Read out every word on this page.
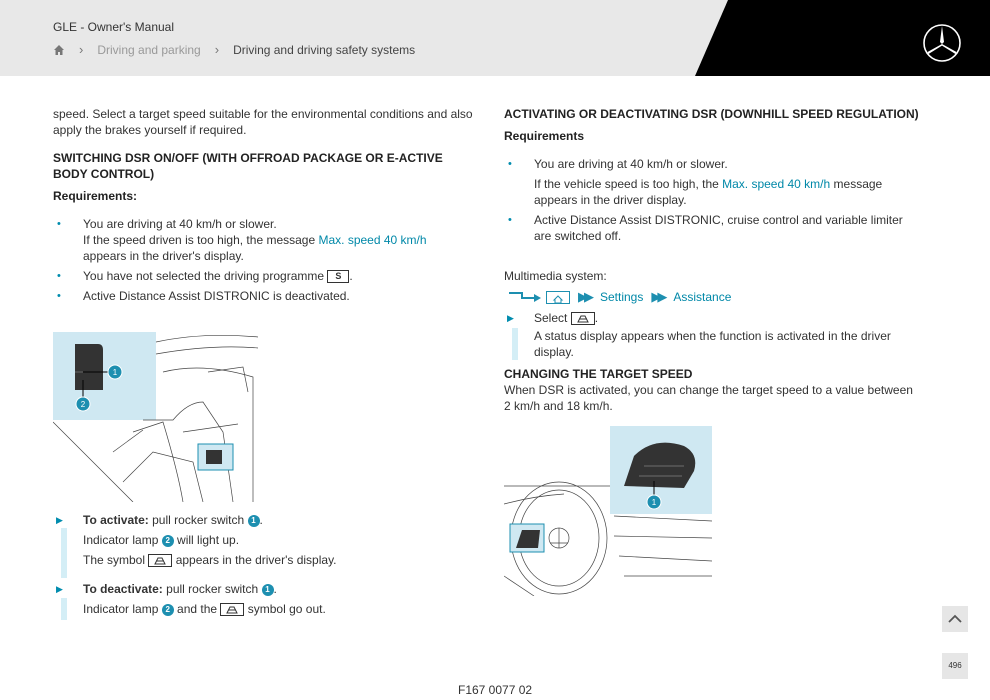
GLE - Owner's Manual
› Driving and parking › Driving and driving safety systems

speed. Select a target speed suitable for the environmental conditions and also apply the brakes yourself if required.

SWITCHING DSR ON/OFF (WITH OFFROAD PACKAGE OR E-ACTIVE BODY CONTROL)

Requirements:

• You are driving at 40 km/h or slower.

If the speed driven is too high, the message Max. speed 40 km/h appears in the driver's display.

• You have not selected the driving programme S .
• Active Distance Assist DISTRONIC is deactivated.
1
2
▶ To activate: pull rocker switch 1 .
Indicator lamp 2 will light up.
The symbol
appears in the driver's display.
▶ To deactivate: pull rocker switch 1 .
Indicator lamp 2 and the
symbol go out.

ACTIVATING OR DEACTIVATING DSR (DOWNHILL SPEED REGULATION)

Requirements

• You are driving at 40 km/h or slower.

If the vehicle speed is too high, the Max. speed 40 km/h message appears in the driver display.

• Active Distance Assist DISTRONIC, cruise control and variable limiter are switched off.

Multimedia system:

▶▶ Settings ▶▶ Assistance
▶ Select
.

A status display appears when the function is activated in the driver display.

CHANGING THE TARGET SPEED

When DSR is activated, you can change the target speed to a value between 2 km/h and 18 km/h.

1
F167 0077 02
496
